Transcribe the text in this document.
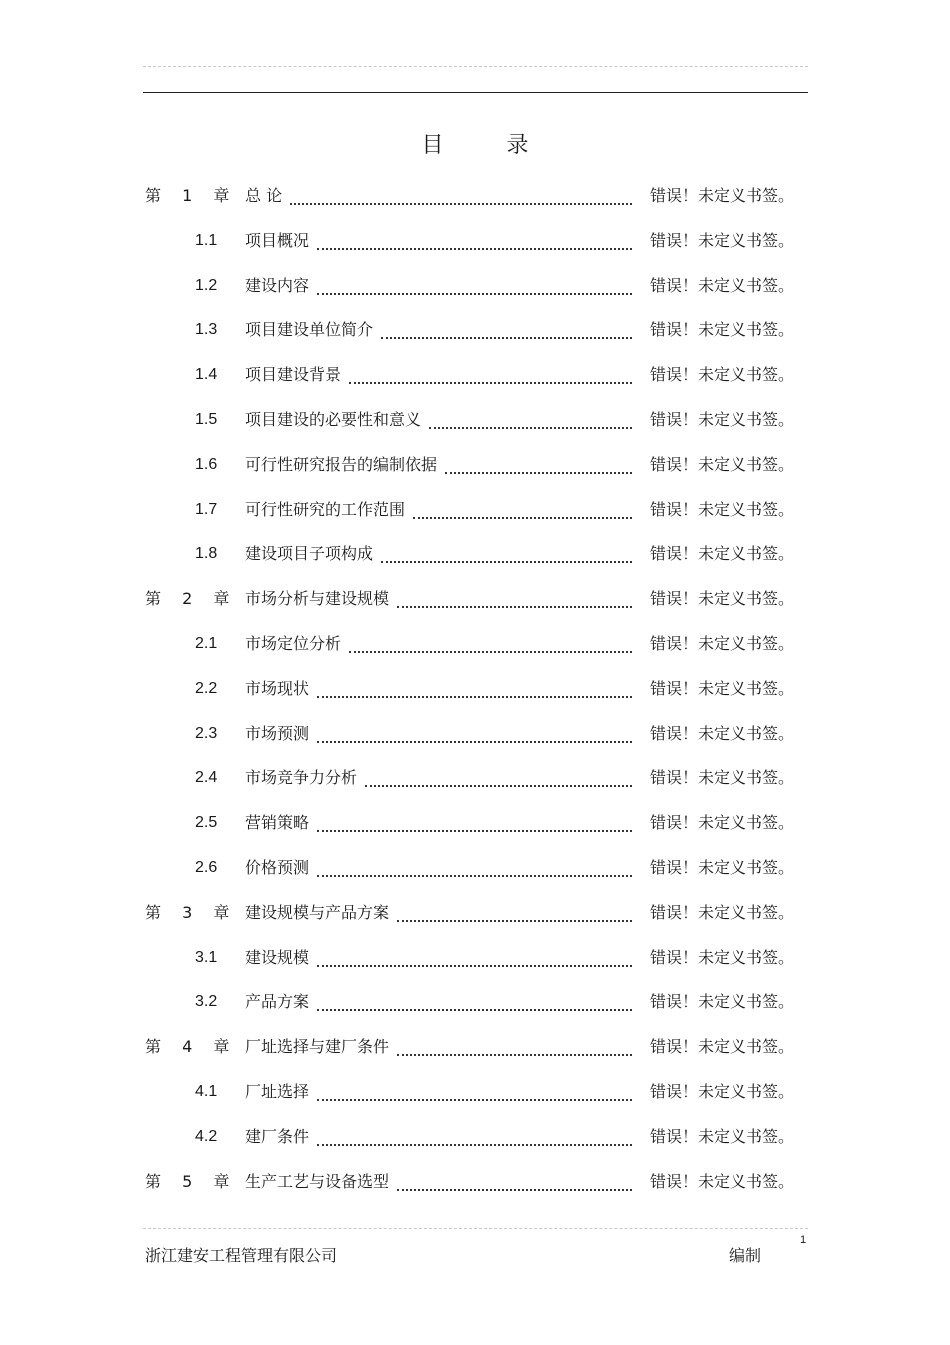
目 录
第 1 章 总 论	错误！未定义书签。
1.1 项目概况	错误！未定义书签。
1.2 建设内容	错误！未定义书签。
1.3 项目建设单位简介	错误！未定义书签。
1.4 项目建设背景	错误！未定义书签。
1.5 项目建设的必要性和意义	错误！未定义书签。
1.6 可行性研究报告的编制依据	错误！未定义书签。
1.7 可行性研究的工作范围	错误！未定义书签。
1.8 建设项目子项构成	错误！未定义书签。
第 2 章 市场分析与建设规模	错误！未定义书签。
2.1 市场定位分析	错误！未定义书签。
2.2 市场现状	错误！未定义书签。
2.3 市场预测	错误！未定义书签。
2.4 市场竞争力分析	错误！未定义书签。
2.5 营销策略	错误！未定义书签。
2.6 价格预测	错误！未定义书签。
第 3 章 建设规模与产品方案	错误！未定义书签。
3.1 建设规模	错误！未定义书签。
3.2 产品方案	错误！未定义书签。
第 4 章 厂址选择与建厂条件	错误！未定义书签。
4.1 厂址选择	错误！未定义书签。
4.2 建厂条件	错误！未定义书签。
第 5 章 生产工艺与设备选型	错误！未定义书签。
浙江建安工程管理有限公司	编制
1
